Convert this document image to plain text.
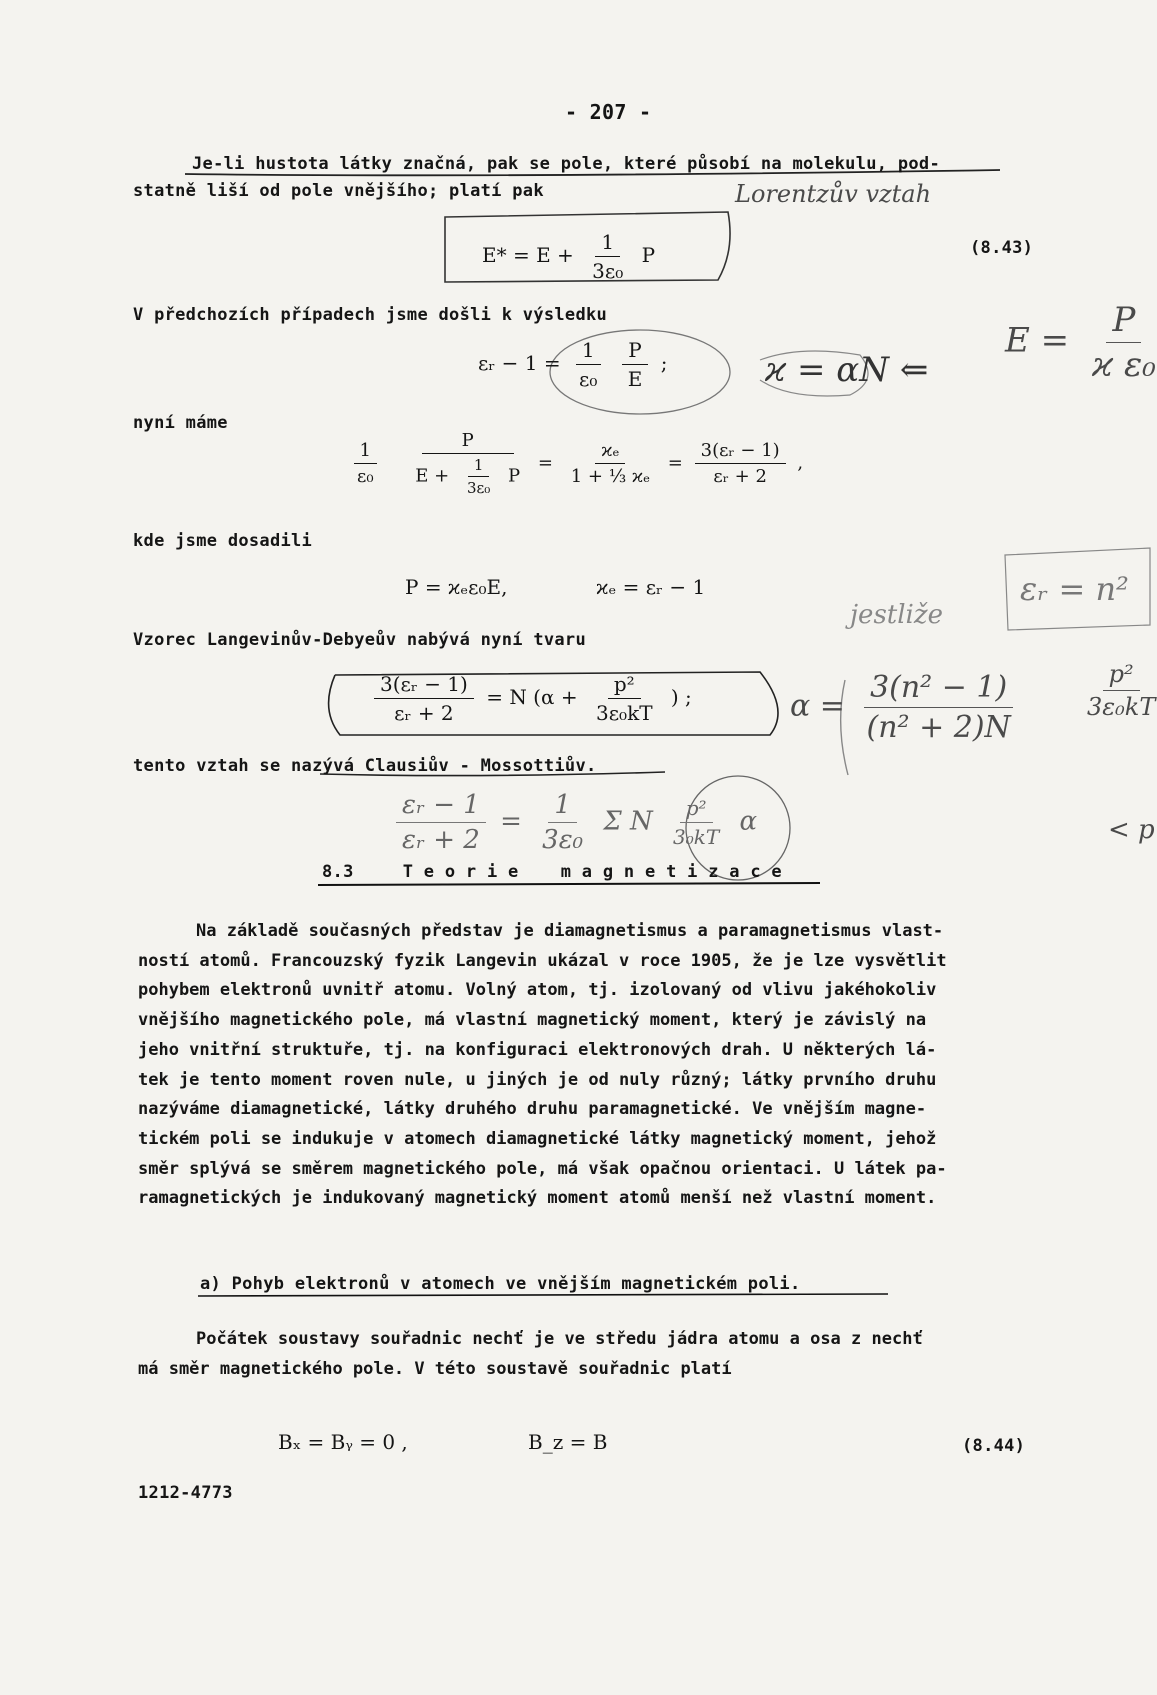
- 207 -
Je-li hustota látky značná, pak se pole, které působí na molekulu, pod-
statně liší od pole vnějšího; platí pak
$E* = E + \frac{1}{\text{3ε₀}}$ P	(8.43)
Lorentzův vztah
V předchozích případech jsme došli k výsledku
εᵣ − $1 = \frac{1}{\text{ε₀}}$
$\frac{P}{E}$ ;	ϰ = αN ⇐
$E = \frac{P}{\text{ϰ ε₀}}$
nyní máme
$\frac{1}{\text{ε₀}}$
$\frac{P}{E + \frac{1}{\text{3ε₀}} P} = \frac{\text{ϰₑ}}{\text{1 + ⅓ ϰₑ}} = \frac{\text{3(εᵣ − 1)}}{\text{εᵣ + 2}}$ ,
kde jsme dosadili
P = ϰₑε₀E,	ϰₑ = εᵣ − 1
jestliže
εᵣ = n²
Vzorec Langevinův-Debyeův nabývá nyní tvaru
$\frac{\text{3(εᵣ − 1)}}{\text{εᵣ + 2}} = N$ ($\alpha + \frac{\text{p²}}{\text{3ε₀kT}}$ ) ;	$\alpha = \frac{\text{3(n² − 1)}}{\text{(n² + 2)N}}$	$\frac{\text{p²}}{\text{3ε₀kT}}$
< p
tento vztah se nazývá Clausiův - Mossottiův.
$\frac{\text{εᵣ − 1}}{\text{εᵣ + 2}} = \frac{1}{\text{3ε₀}}$ Σ N $\frac{\text{p²}}{\text{3₀kT}}$ α
8.3	T e o r i e    m a g n e t i z a c e
Na základě současných představ je diamagnetismus a paramagnetismus vlast-
ností atomů. Francouzský fyzik Langevin ukázal v roce 1905, že je lze vysvětlit
pohybem elektronů uvnitř atomu. Volný atom, tj. izolovaný od vlivu jakéhokoliv
vnějšího magnetického pole, má vlastní magnetický moment, který je závislý na
jeho vnitřní struktuře, tj. na konfiguraci elektronových drah. U některých lá-
tek je tento moment roven nule, u jiných je od nuly různý; látky prvního druhu
nazýváme diamagnetické, látky druhého druhu paramagnetické. Ve vnějším magne-
tickém poli se indukuje v atomech diamagnetické látky magnetický moment, jehož
směr splývá se směrem magnetického pole, má však opačnou orientaci. U látek pa-
ramagnetických je indukovaný magnetický moment atomů menší než vlastní moment.
a) Pohyb elektronů v atomech ve vnějším magnetickém poli.
Počátek soustavy souřadnic nechť je ve středu jádra atomu a osa z nechť
má směr magnetického pole. V této soustavě souřadnic platí
Bₓ = Bᵧ = 0 ,	B_z = B	(8.44)
1212-4773
